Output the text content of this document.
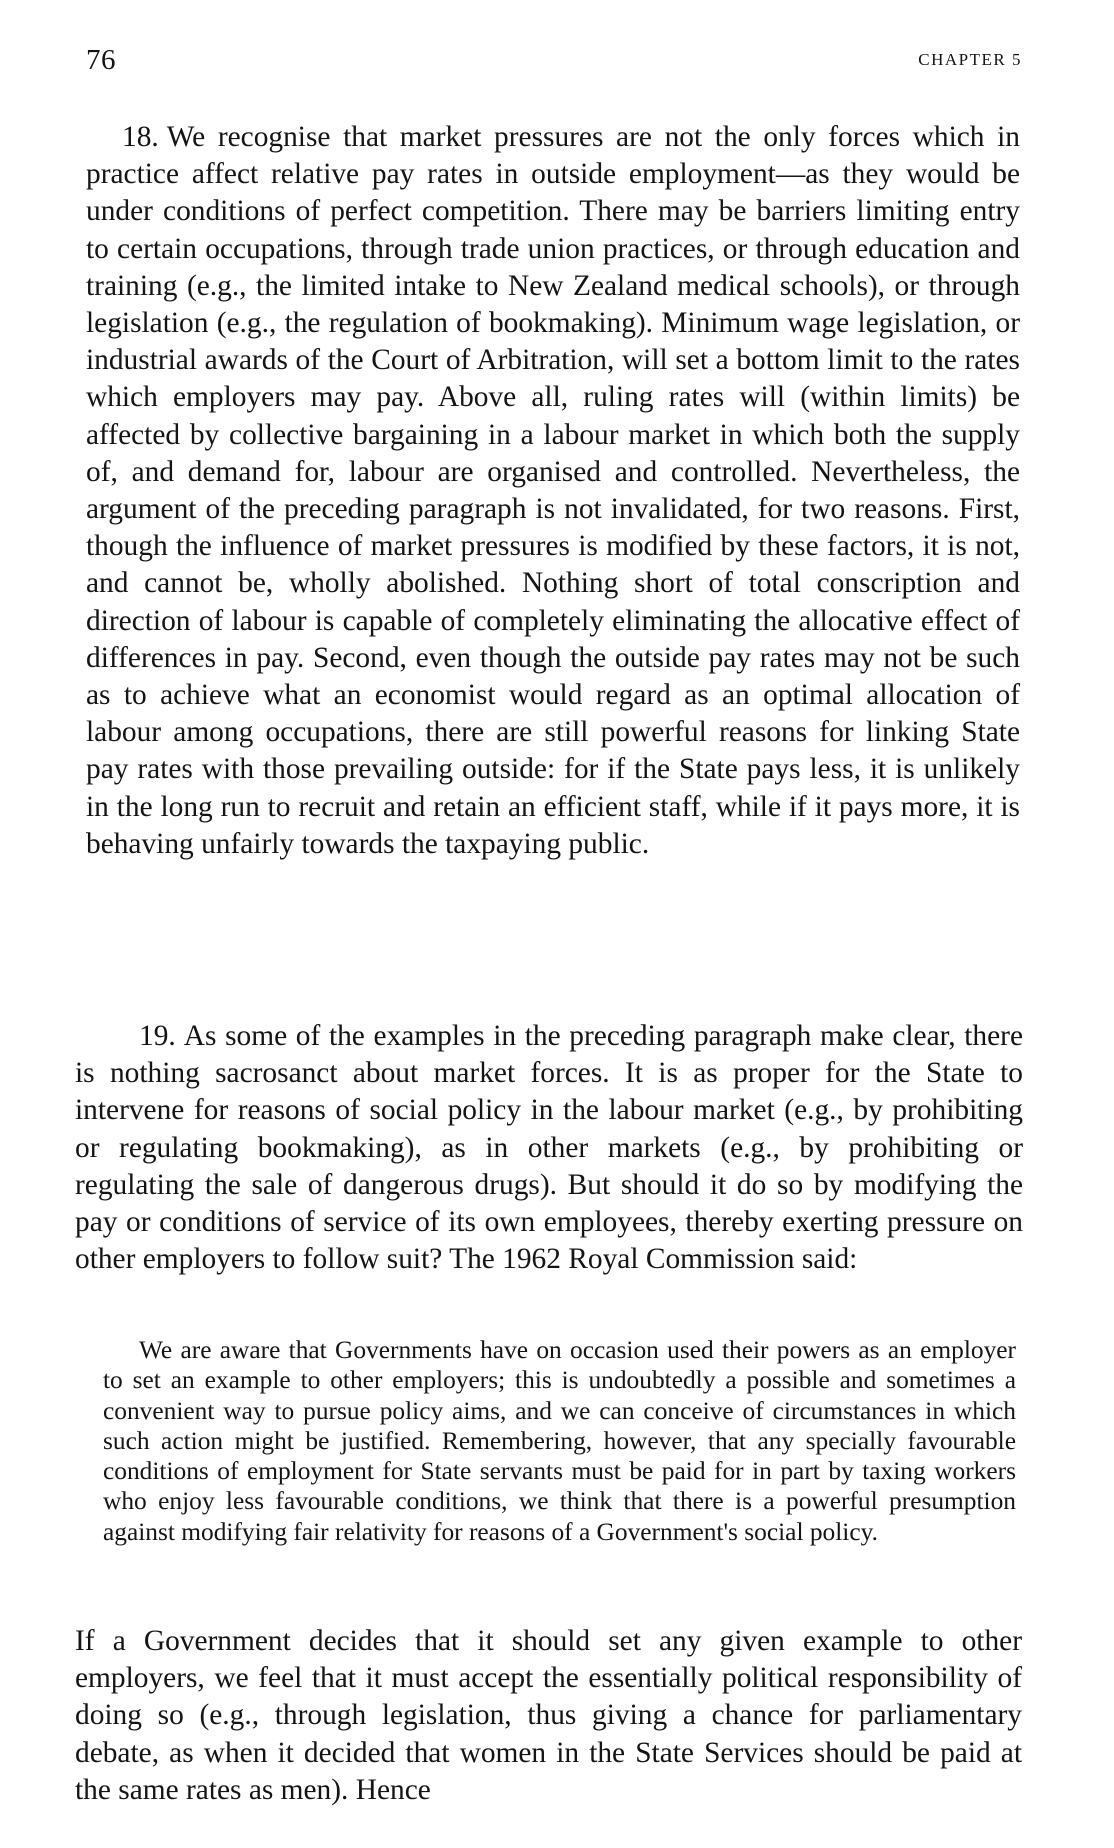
76	CHAPTER 5

18. We recognise that market pressures are not the only forces which in practice affect relative pay rates in outside employment—as they would be under conditions of perfect competition. There may be barriers limiting entry to certain occupations, through trade union practices, or through education and training (e.g., the limited intake to New Zealand medical schools), or through legislation (e.g., the regulation of bookmaking). Minimum wage legislation, or industrial awards of the Court of Arbitration, will set a bottom limit to the rates which employers may pay. Above all, ruling rates will (within limits) be affected by collective bargaining in a labour market in which both the supply of, and demand for, labour are organised and controlled. Nevertheless, the argument of the preceding paragraph is not invalidated, for two reasons. First, though the influence of market pressures is modified by these factors, it is not, and cannot be, wholly abolished. Nothing short of total conscription and direction of labour is capable of completely eliminating the allocative effect of differences in pay. Second, even though the outside pay rates may not be such as to achieve what an economist would regard as an optimal allocation of labour among occupations, there are still powerful reasons for linking State pay rates with those prevailing outside: for if the State pays less, it is unlikely in the long run to recruit and retain an efficient staff, while if it pays more, it is behaving unfairly towards the taxpaying public.

19. As some of the examples in the preceding paragraph make clear, there is nothing sacrosanct about market forces. It is as proper for the State to intervene for reasons of social policy in the labour market (e.g., by prohibiting or regulating bookmaking), as in other markets (e.g., by prohibiting or regulating the sale of dangerous drugs). But should it do so by modifying the pay or conditions of service of its own employees, thereby exerting pressure on other employers to follow suit? The 1962 Royal Commission said:

We are aware that Governments have on occasion used their powers as an employer to set an example to other employers; this is undoubtedly a possible and sometimes a convenient way to pursue policy aims, and we can conceive of circumstances in which such action might be justified. Remembering, however, that any specially favourable conditions of employment for State servants must be paid for in part by taxing workers who enjoy less favourable conditions, we think that there is a powerful presumption against modifying fair relativity for reasons of a Government's social policy.

If a Government decides that it should set any given example to other employers, we feel that it must accept the essentially political responsibility of doing so (e.g., through legislation, thus giving a chance for parliamentary debate, as when it decided that women in the State Services should be paid at the same rates as men). Hence
